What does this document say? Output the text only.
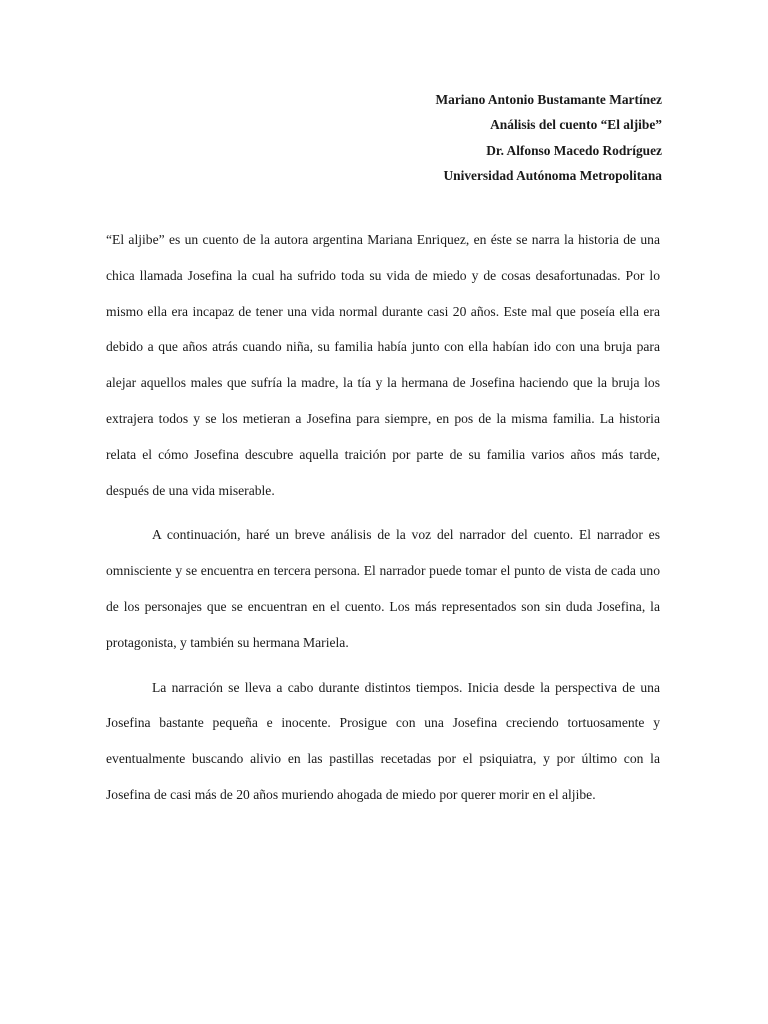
Mariano Antonio Bustamante Martínez
Análisis del cuento “El aljibe”
Dr. Alfonso Macedo Rodríguez
Universidad Autónoma Metropolitana

“El aljibe” es un cuento de la autora argentina Mariana Enriquez, en éste se narra la historia de una chica llamada Josefina la cual ha sufrido toda su vida de miedo y de cosas desafortunadas. Por lo mismo ella era incapaz de tener una vida normal durante casi 20 años. Este mal que poseía ella era debido a que años atrás cuando niña, su familia había junto con ella habían ido con una bruja para alejar aquellos males que sufría la madre, la tía y la hermana de Josefina haciendo que la bruja los extrajera todos y se los metieran a Josefina para siempre, en pos de la misma familia. La historia relata el cómo Josefina descubre aquella traición por parte de su familia varios años más tarde, después de una vida miserable.

A continuación, haré un breve análisis de la voz del narrador del cuento. El narrador es omnisciente y se encuentra en tercera persona. El narrador puede tomar el punto de vista de cada uno de los personajes que se encuentran en el cuento. Los más representados son sin duda Josefina, la protagonista, y también su hermana Mariela.

La narración se lleva a cabo durante distintos tiempos. Inicia desde la perspectiva de una Josefina bastante pequeña e inocente. Prosigue con una Josefina creciendo tortuosamente y eventualmente buscando alivio en las pastillas recetadas por el psiquiatra, y por último con la Josefina de casi más de 20 años muriendo ahogada de miedo por querer morir en el aljibe.
